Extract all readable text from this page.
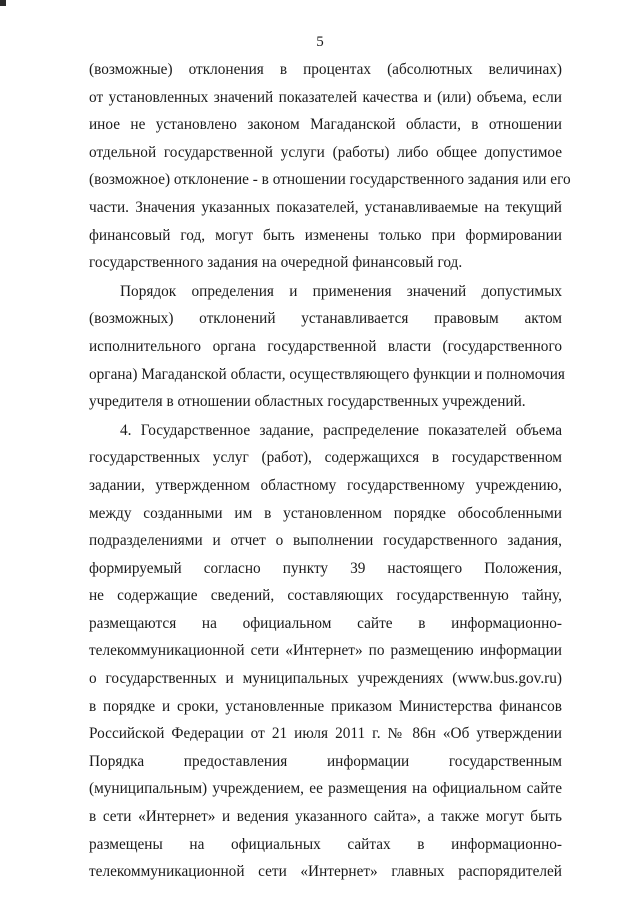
5
(возможные) отклонения в процентах (абсолютных величинах)
от установленных значений показателей качества и (или) объема, если
иное не установлено законом Магаданской области, в отношении
отдельной государственной услуги (работы) либо общее допустимое
(возможное) отклонение - в отношении государственного задания или его
части. Значения указанных показателей, устанавливаемые на текущий
финансовый год, могут быть изменены только при формировании
государственного задания на очередной финансовый год.
Порядок определения и применения значений допустимых
(возможных) отклонений устанавливается правовым актом
исполнительного органа государственной власти (государственного
органа) Магаданской области, осуществляющего функции и полномочия
учредителя в отношении областных государственных учреждений.
4. Государственное задание, распределение показателей объема
государственных услуг (работ), содержащихся в государственном
задании, утвержденном областному государственному учреждению,
между созданными им в установленном порядке обособленными
подразделениями и отчет о выполнении государственного задания,
формируемый согласно пункту 39 настоящего Положения,
не содержащие сведений, составляющих государственную тайну,
размещаются на официальном сайте в информационно-
телекоммуникационной сети «Интернет» по размещению информации
о государственных и муниципальных учреждениях (www.bus.gov.ru)
в порядке и сроки, установленные приказом Министерства финансов
Российской Федерации от 21 июля 2011 г. № 86н «Об утверждении
Порядка предоставления информации государственным
(муниципальным) учреждением, ее размещения на официальном сайте
в сети «Интернет» и ведения указанного сайта», а также могут быть
размещены на официальных сайтах в информационно-
телекоммуникационной сети «Интернет» главных распорядителей
